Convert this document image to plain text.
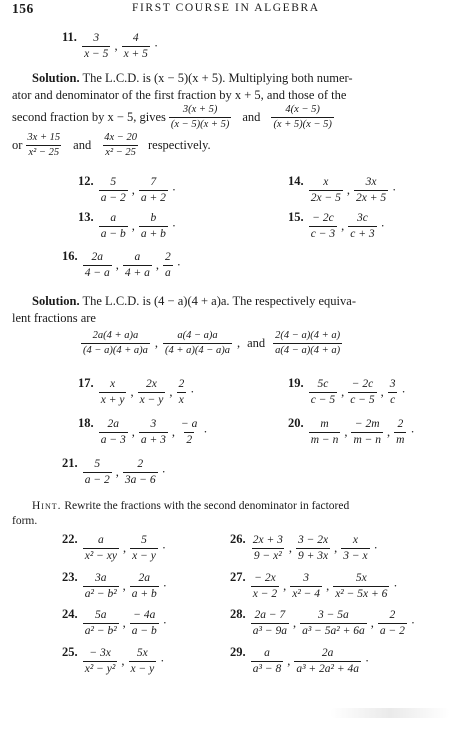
156	FIRST COURSE IN ALGEBRA
11. $\frac{3}{x - 5}$ , $\frac{4}{x + 5}$ ·
Solution. The L.C.D. is (x − 5)(x + 5). Multiplying both numer-
ator and denominator of the first fraction by x + 5, and those of the
second fraction by x − 5, gives $\frac{3(x + 5)}{(x - 5)(x + 5)}$ and $\frac{4(x - 5)}{(x + 5)(x - 5)}$
or $\frac{3x + 15}{\text{x² − 25}}$ and $\frac{4x - 20}{\text{x² − 25}}$ respectively.
12. $\frac{5}{a - 2}$ , $\frac{7}{a + 2}$ ·
14. $\frac{x}{2x - 5}$ , $\frac{3x}{2x + 5}$ ·
13. $\frac{a}{a - b}$ , $\frac{b}{a + b}$ ·
15. $\frac{- 2c}{c - 3}$ , $\frac{3c}{c + 3}$ ·
16. $\frac{2a}{4 - a}$ , $\frac{a}{4 + a}$ , $\frac{2}{a}$ ·
Solution. The L.C.D. is (4 − a)(4 + a)a. The respectively equiva-
lent fractions are
$\frac{2a(4 + a)a}{(4 - a)(4 + a)a}$ , $\frac{a(4 - a)a}{(4 + a)(4 - a)a}$ , and $\frac{2(4 - a)(4 + a)}{a(4 - a)(4 + a)}$
17. $\frac{x}{x + y}$ , $\frac{2x}{x - y}$ , $\frac{2}{x}$ ·
19. $\frac{5c}{c - 5}$ , $\frac{- 2c}{c - 5}$ , $\frac{3}{c}$ ·
18. $\frac{2a}{a - 3}$ , $\frac{3}{a + 3}$ , $\frac{- a}{2}$ ·
20. $\frac{m}{m - n}$ , $\frac{- 2m}{m - n}$ , $\frac{2}{m}$ ·
21. $\frac{5}{a - 2}$ , $\frac{2}{3a - 6}$ ·
Hint. Rewrite the fractions with the second denominator in factored
form.
22. $\frac{a}{\text{x² − xy}}$ , $\frac{5}{x - y}$ ·
26. $\frac{2x + 3}{\text{9 − x²}}$ , $\frac{3 - 2x}{9 + 3x}$ , $\frac{x}{3 - x}$ ·
23. $\frac{3a}{\text{a² − b²}}$ , $\frac{2a}{a + b}$ ·
27. $\frac{- 2x}{x - 2}$ , $\frac{3}{\text{x² − 4}}$ , $\frac{5x}{\text{x² − 5x + 6}}$ ·
24. $\frac{5a}{\text{a² − b²}}$ , $\frac{- 4a}{a - b}$ ·
28. $\frac{2a - 7}{\text{a³ − 9a}}$ , $\frac{3 - 5a}{\text{a³ − 5a² + 6a}}$ , $\frac{2}{a - 2}$ ·
25. $\frac{- 3x}{\text{x² − y²}}$ , $\frac{5x}{x - y}$ ·
29. $\frac{a}{\text{a³ − 8}}$ , $\frac{2a}{\text{a³ + 2a² + 4a}}$ ·
